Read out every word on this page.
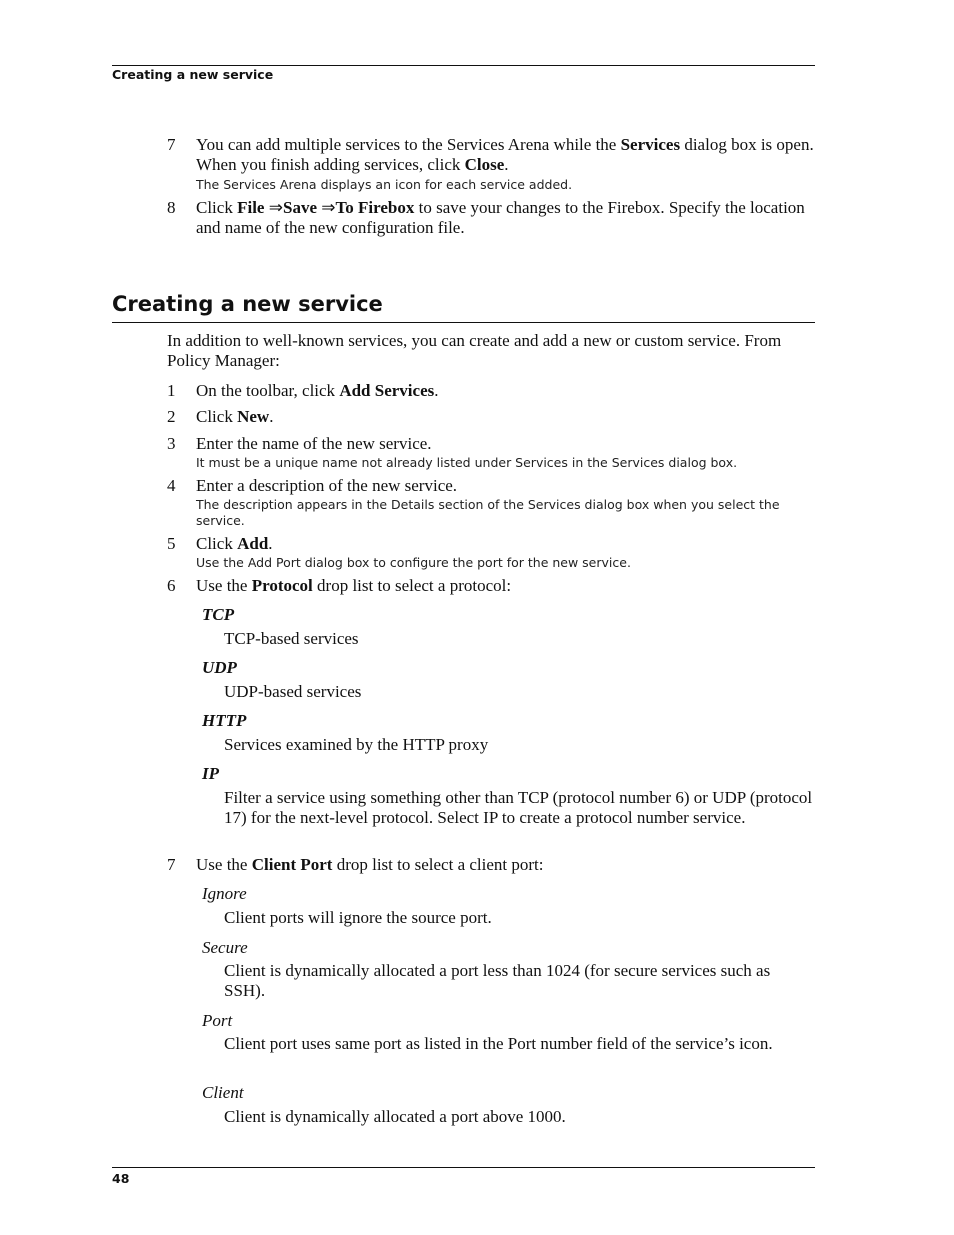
Creating a new service
7	You can add multiple services to the Services Arena while the Services dialog box is open. When you finish adding services, click Close.
The Services Arena displays an icon for each service added.
8	Click File ⇒Save ⇒To Firebox to save your changes to the Firebox. Specify the location and name of the new configuration file.
Creating a new service
In addition to well-known services, you can create and add a new or custom service. From Policy Manager:
1	On the toolbar, click Add Services.
2	Click New.
3	Enter the name of the new service.
It must be a unique name not already listed under Services in the Services dialog box.
4	Enter a description of the new service.
The description appears in the Details section of the Services dialog box when you select the service.
5	Click Add.
Use the Add Port dialog box to configure the port for the new service.
6	Use the Protocol drop list to select a protocol:
TCP
TCP-based services
UDP
UDP-based services
HTTP
Services examined by the HTTP proxy
IP
Filter a service using something other than TCP (protocol number 6) or UDP (protocol 17) for the next-level protocol. Select IP to create a protocol number service.
7	Use the Client Port drop list to select a client port:
Ignore
Client ports will ignore the source port.
Secure
Client is dynamically allocated a port less than 1024 (for secure services such as SSH).
Port
Client port uses same port as listed in the Port number field of the service’s icon.
Client
Client is dynamically allocated a port above 1000.
48
